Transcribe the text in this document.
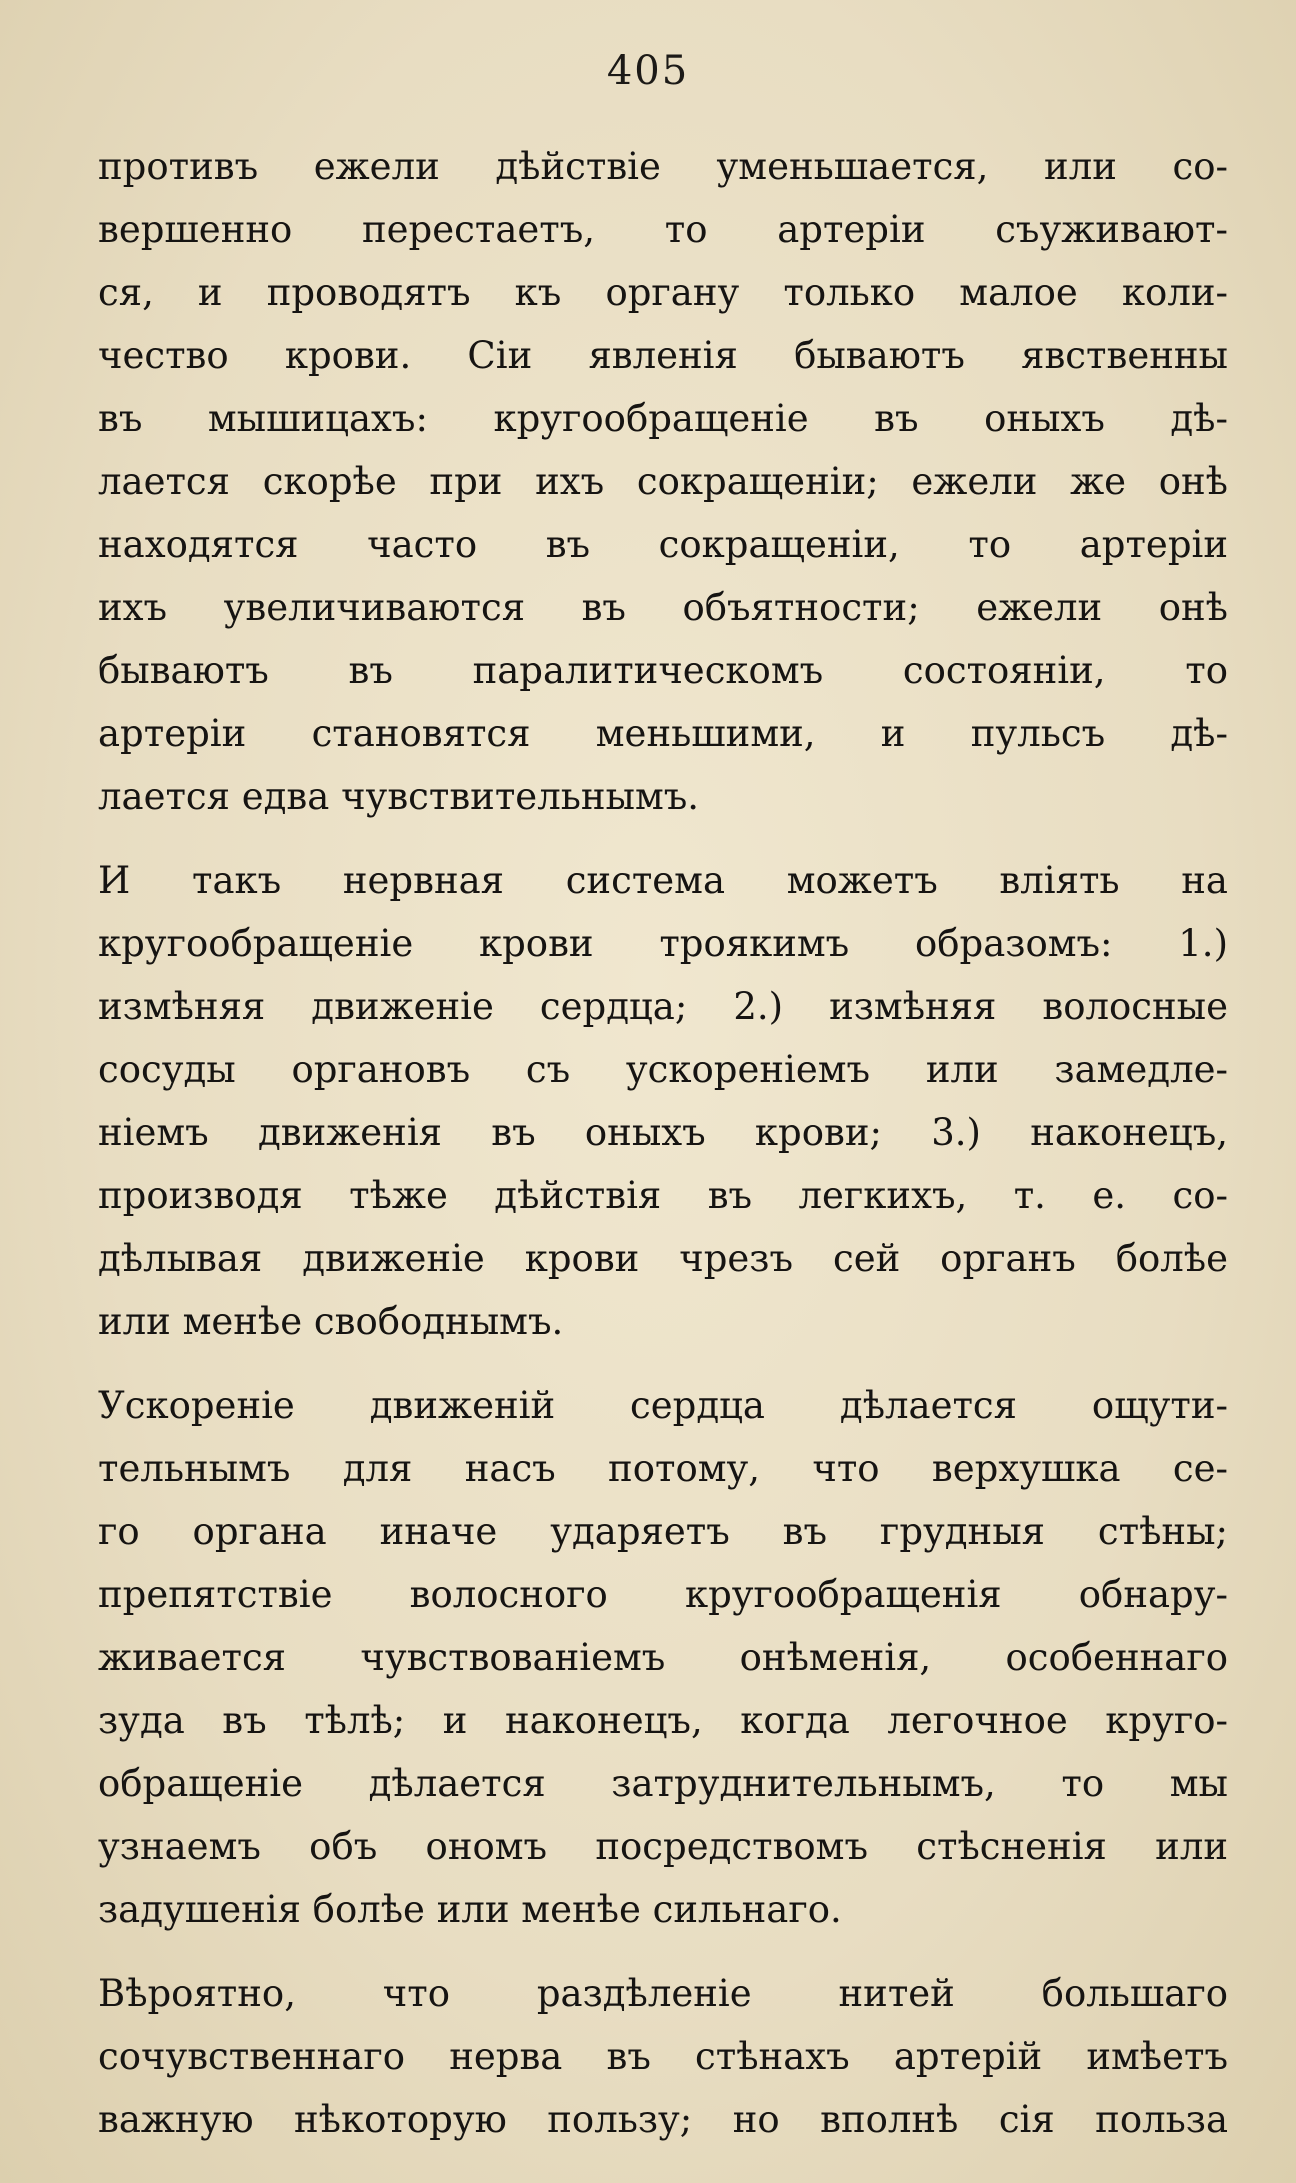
405
противъ ежели дѣйствіе уменьшается, или со-
вершенно перестаетъ, то артеріи съуживают-
ся, и проводятъ къ органу только малое коли-
чество крови. Сіи явленія бываютъ явственны
въ мышицахъ: кругообращеніе въ оныхъ дѣ-
лается скорѣе при ихъ сокращеніи; ежели же онѣ
находятся часто въ сокращеніи, то артеріи
ихъ увеличиваются въ объятности; ежели онѣ
бываютъ въ паралитическомъ состояніи, то
артеріи становятся меньшими, и пульсъ дѣ-
лается едва чувствительнымъ.
И такъ нервная система можетъ вліять на
кругообращеніе крови троякимъ образомъ: 1.)
измѣняя движеніе сердца; 2.) измѣняя волосные
сосуды органовъ съ ускореніемъ или замедле-
ніемъ движенія въ оныхъ крови; 3.) наконецъ,
производя тѣже дѣйствія въ легкихъ, т. е. со-
дѣлывая движеніе крови чрезъ сей органъ болѣе
или менѣе свободнымъ.
Ускореніе движеній сердца дѣлается ощути-
тельнымъ для насъ потому, что верхушка се-
го органа иначе ударяетъ въ грудныя стѣны;
препятствіе волосного кругообращенія обнару-
живается чувствованіемъ онѣменія, особеннаго
зуда въ тѣлѣ; и наконецъ, когда легочное круго-
обращеніе дѣлается затруднительнымъ, то мы
узнаемъ объ ономъ посредствомъ стѣсненія или
задушенія болѣе или менѣе сильнаго.
Вѣроятно, что раздѣленіе нитей большаго
сочувственнаго нерва въ стѣнахъ артерій имѣетъ
важную нѣкоторую пользу; но вполнѣ сія польза
